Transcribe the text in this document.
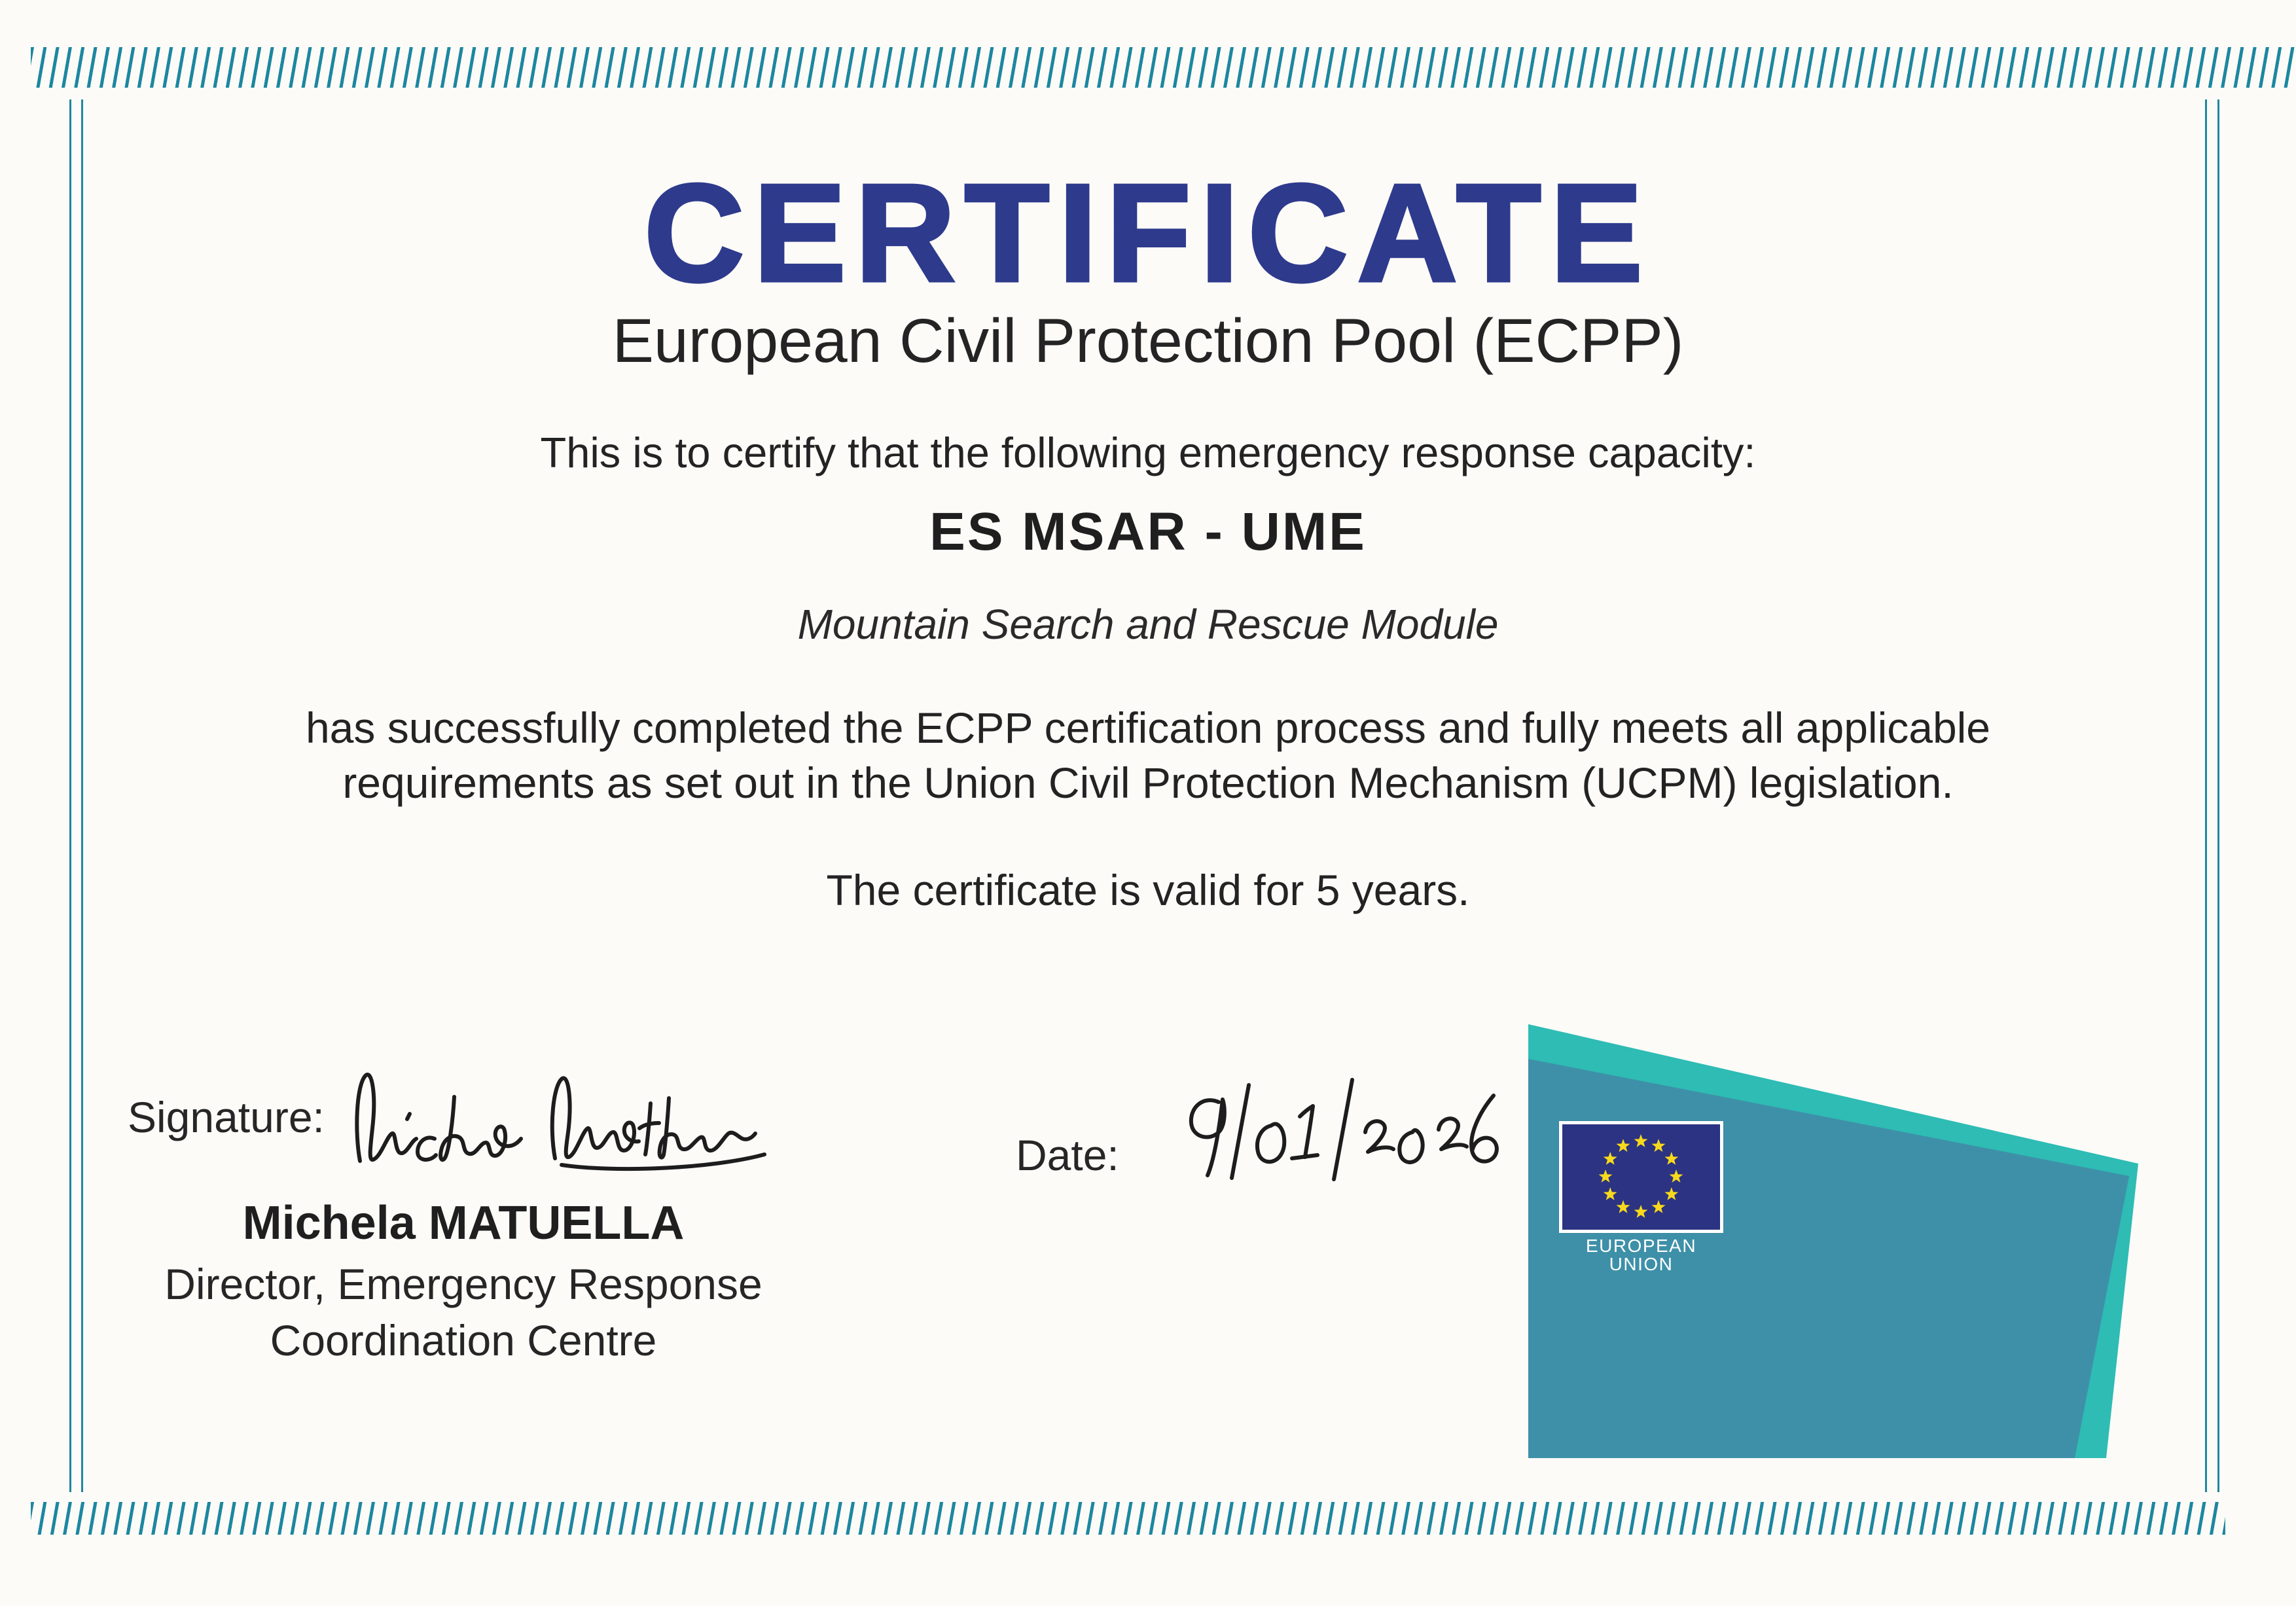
CERTIFICATE
European Civil Protection Pool (ECPP)
This is to certify that the following emergency response capacity:
ES MSAR - UME
Mountain Search and Rescue Module
has successfully completed the ECPP certification process and fully meets all applicable requirements as set out in the Union Civil Protection Mechanism (UCPM) legislation.
The certificate is valid for 5 years.
Signature:
Date:
Michela MATUELLA
Director, Emergency Response
Coordination Centre
EUROPEAN UNION
